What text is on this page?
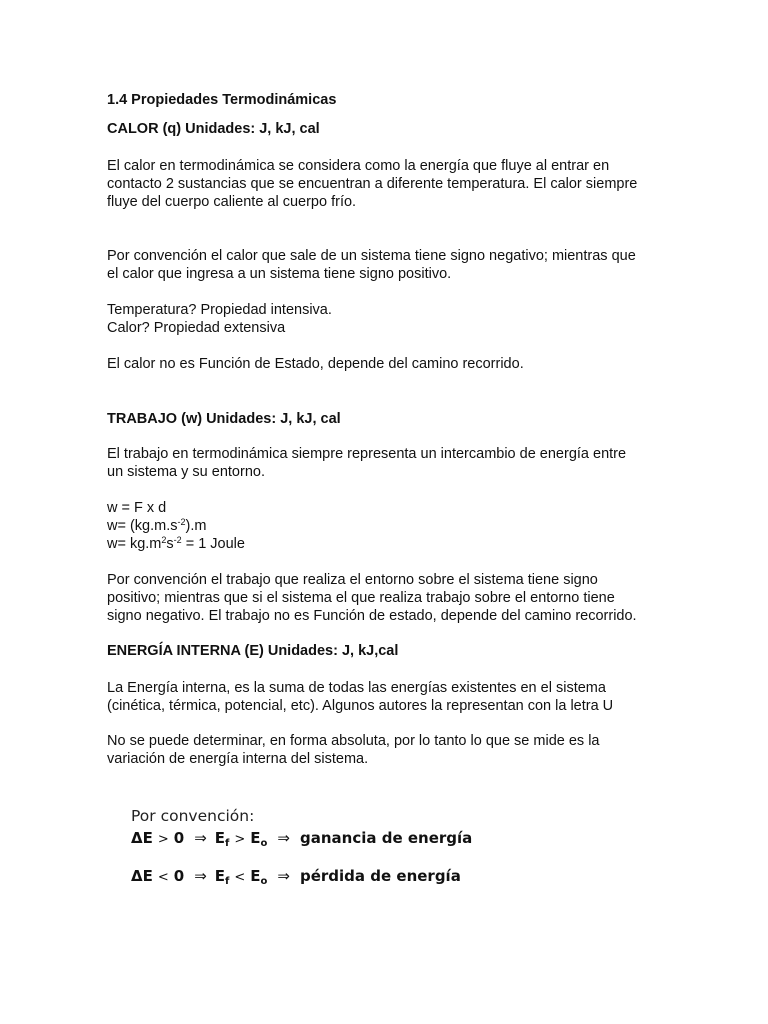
1.4 Propiedades Termodinámicas

CALOR (q) Unidades: J, kJ, cal

El calor en termodinámica se considera como la energía que fluye al entrar en

contacto 2 sustancias que se encuentran a diferente temperatura. El calor siempre

fluye del cuerpo caliente al cuerpo frío.

Por convención el calor que sale de un sistema tiene signo negativo; mientras que

el calor que ingresa a un sistema tiene signo positivo.

Temperatura? Propiedad intensiva.

Calor? Propiedad extensiva

El calor no es Función de Estado, depende del camino recorrido.

TRABAJO (w) Unidades: J, kJ, cal

El trabajo en termodinámica siempre representa un intercambio de energía entre

un sistema y su entorno.

w = F x d

$w= (kg.m.s^{-2}).m$

$w= kg.m^2s^{-2} = 1$ Joule

Por convención el trabajo que realiza el entorno sobre el sistema tiene signo

positivo; mientras que si el sistema el que realiza trabajo sobre el entorno tiene

signo negativo. El trabajo no es Función de estado, depende del camino recorrido.

ENERGÍA INTERNA (E) Unidades: J, kJ,cal

La Energía interna, es la suma de todas las energías existentes en el sistema

(cinética, térmica, potencial, etc). Algunos autores la representan con la letra U

No se puede determinar, en forma absoluta, por lo tanto lo que se mide es la

variación de energía interna del sistema.

Por convención:
ΔE > 0 ⇒ $E_f > E_o$ ⇒ ganancia de energía
ΔE < 0 ⇒ $E_f < E_o$ ⇒ pérdida de energía
